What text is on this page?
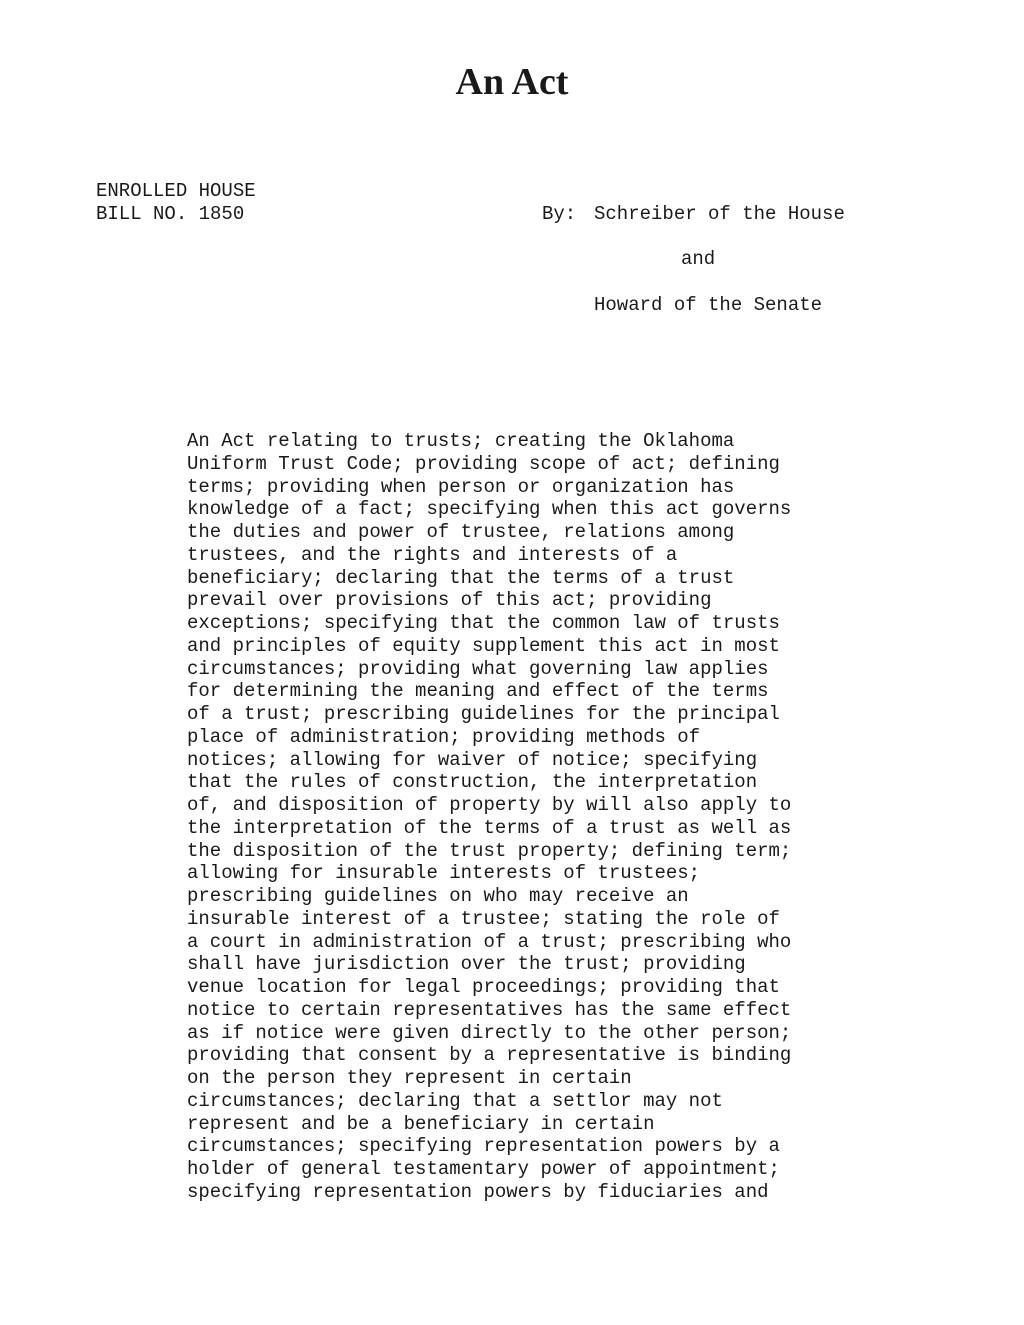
An Act
ENROLLED HOUSE
BILL NO. 1850	By: Schreiber of the House
and
Howard of the Senate
An Act relating to trusts; creating the Oklahoma
Uniform Trust Code; providing scope of act; defining
terms; providing when person or organization has
knowledge of a fact; specifying when this act governs
the duties and power of trustee, relations among
trustees, and the rights and interests of a
beneficiary; declaring that the terms of a trust
prevail over provisions of this act; providing
exceptions; specifying that the common law of trusts
and principles of equity supplement this act in most
circumstances; providing what governing law applies
for determining the meaning and effect of the terms
of a trust; prescribing guidelines for the principal
place of administration; providing methods of
notices; allowing for waiver of notice; specifying
that the rules of construction, the interpretation
of, and disposition of property by will also apply to
the interpretation of the terms of a trust as well as
the disposition of the trust property; defining term;
allowing for insurable interests of trustees;
prescribing guidelines on who may receive an
insurable interest of a trustee; stating the role of
a court in administration of a trust; prescribing who
shall have jurisdiction over the trust; providing
venue location for legal proceedings; providing that
notice to certain representatives has the same effect
as if notice were given directly to the other person;
providing that consent by a representative is binding
on the person they represent in certain
circumstances; declaring that a settlor may not
represent and be a beneficiary in certain
circumstances; specifying representation powers by a
holder of general testamentary power of appointment;
specifying representation powers by fiduciaries and
